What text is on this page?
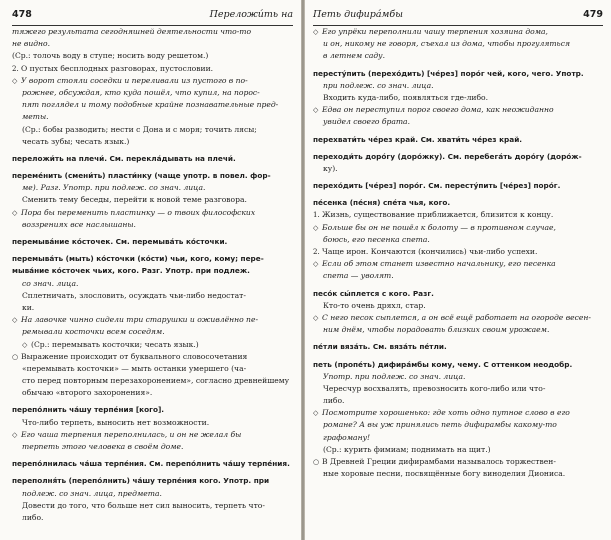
478	Переложи́ть на
тяжего результата сегодняшней деятельности что-то
не видно.
(Ср.: толочь воду в ступе; носить воду решетом.)
2. О пустых бесплодных разговорах, пустословии.
◇ У ворот стояли соседки и переливали из пустого в по-
рожнее, обсуждая, кто куда пошёл, что купил, на порос-
пят поглядел и тому подобные крайне познавательные пред-
меты.
(Ср.: бобы разводить; нести с Дона и с моря; точить лясы;
чесать зубы; чесать язык.)
переложи́ть на плечи́. См. перекла́дывать на плечи́.
переме́нить (смени́ть) пласти́нку (чаще употр. в повел. фор-
ме). Разг. Употр. при подлеж. со знач. лица.
Сменить тему беседы, перейти к новой теме разговора.
◇ Пора бы переменить пластинку — о твоих философских
воззрениях все наслышаны.
перемыва́ние ко́сточек. См. перемыва́ть ко́сточки.
перемыва́ть (мыть) ко́сточки (ко́сти) чьи, кого, кому; пере-
мыва́ние ко́сточек чьих, кого. Разг. Употр. при подлеж.
со знач. лица.
Сплетничать, злословить, осуждать чьи-либо недостат-
ки.
◇ На лавочке чинно сидели три старушки и оживлённо пе-
ремывали косточки всем соседям.
◇ (Ср.: перемывать косточки; чесать язык.)
○ Выражение происходит от буквального словосочетания
«перемывать косточки» — мыть останки умершего (ча-
сто перед повторным перезахоронением», согласно древнейшему
обычаю «второго захоронения».
перепо́лнить ча́шу терпе́ния [кого].
Что-либо терпеть, выносить нет возможности.
◇ Его чаша терпения переполнилась, и он не желал бы
терпеть этого человека в своём доме.
перепо́лнилась ча́ша терпе́ния. См. перепо́лнить ча́шу терпе́ния.
переполня́ть (перепо́лнить) ча́шу терпе́ния кого. Употр. при
подлеж. со знач. лица, предмета.
Довести до того, что больше нет сил выносить, терпеть что-
либо.
Петь дифира́мбы	479
◇ Его упрёки переполнили чашу терпения хозяина дома,
и он, никому не говоря, съехал из дома, чтобы прогуляться
в летнем саду.
пересту́пить (перехо́дить) [че́рез] поро́г чей, кого, чего. Употр.
при подлеж. со знач. лица.
Входить куда-либо, появляться где-либо.
◇ Едва он переступил порог своего дома, как неожиданно
увидел своего брата.
перехвати́ть че́рез край. См. хвати́ть че́рез край.
переходи́ть доро́гу (доро́жку). См. перебега́ть доро́гу (доро́ж-
ку).
перехо́дить [че́рез] поро́г. См. пересту́пить [че́рез] поро́г.
пе́сенка (пе́сня) спе́та чья, кого.
1. Жизнь, существование приближается, близится к концу.
◇ Больше бы он не пошёл к болоту — в противном случае,
боюсь, его песенка спета.
2. Чаще ирон. Кончаются (кончились) чьи-либо успехи.
◇ Если об этом станет известно начальнику, его песенка
спета — уволят.
песо́к сы́плется с кого. Разг.
Кто-то очень дряхл, стар.
◇ С него песок сыплется, а он всё ещё работает на огороде весен-
ним днём, чтобы порадовать близких своим урожаем.
пе́тли вяза́ть. См. вяза́ть пе́тли.
петь (пропе́ть) дифира́мбы кому, чему. С оттенком неодобр.
Употр. при подлеж. со знач. лица.
Чересчур восхвалять, превозносить кого-либо или что-
либо.
◇ Посмотрите хорошенько: где хоть одно путное слово в его
романе? А вы уж принялись петь дифирамбы какому-то
графоману!
(Ср.: курить фимиам; поднимать на щит.)
○ В Древней Греции дифирамбами называлось торжествен-
ные хоровые песни, посвящённые богу виноделия Диониса.
